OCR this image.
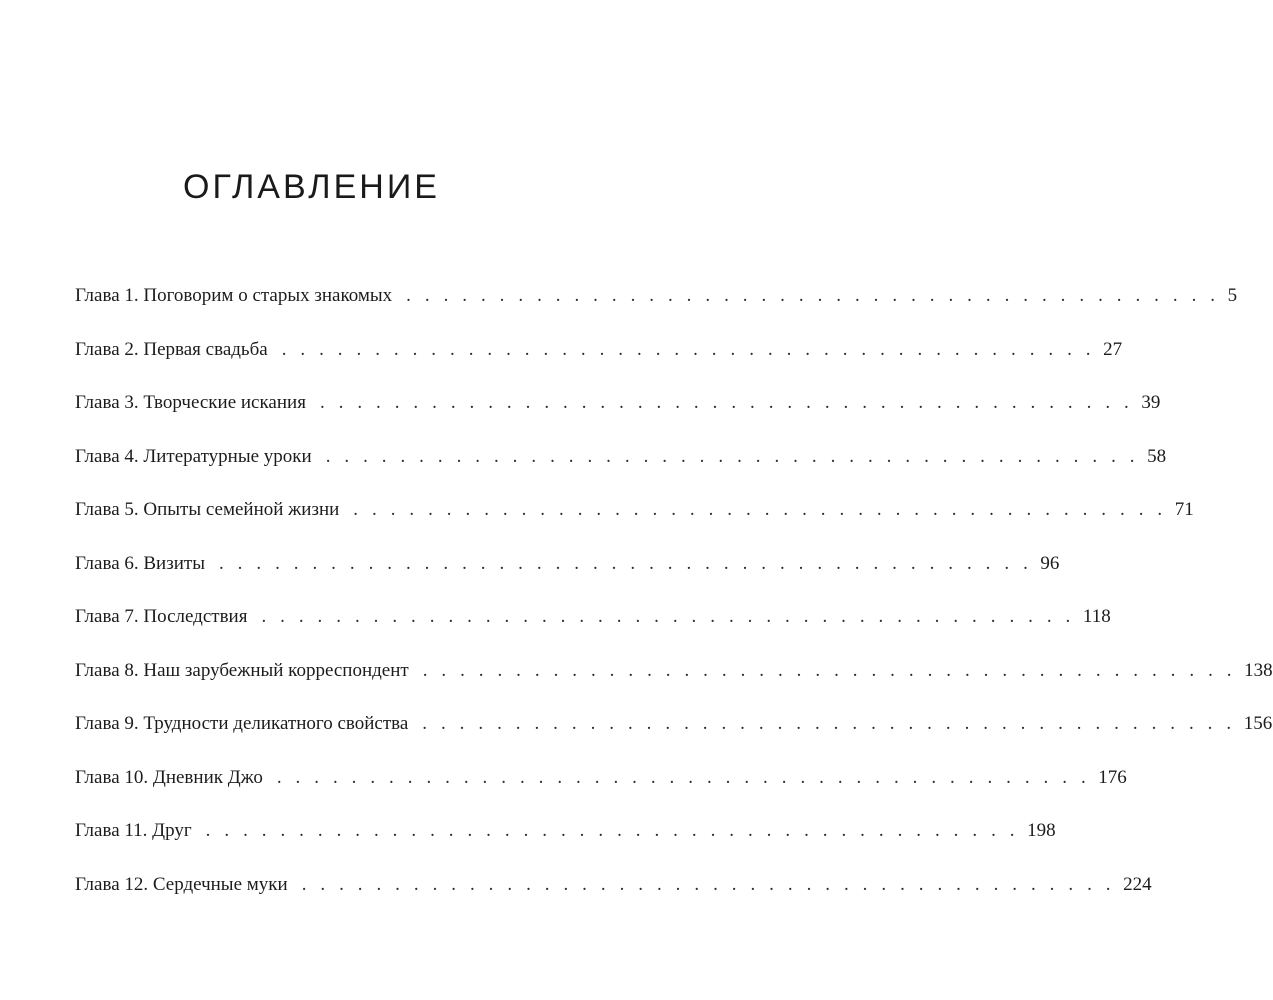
ОГЛАВЛЕНИЕ
Глава 1. Поговорим о старых знакомых . . . . . . . . . . . . . . . . . . . . . . . . . . . . . . . . . . . . . . . . . . . . 5
Глава 2. Первая свадьба . . . . . . . . . . . . . . . . . . . . . . . . . . . . . . . . . . . . . . . . . . . . 27
Глава 3. Творческие искания . . . . . . . . . . . . . . . . . . . . . . . . . . . . . . . . . . . . . . . . . . . . 39
Глава 4. Литературные уроки . . . . . . . . . . . . . . . . . . . . . . . . . . . . . . . . . . . . . . . . . . . . 58
Глава 5. Опыты семейной жизни . . . . . . . . . . . . . . . . . . . . . . . . . . . . . . . . . . . . . . . . . . . . 71
Глава 6. Визиты . . . . . . . . . . . . . . . . . . . . . . . . . . . . . . . . . . . . . . . . . . . . 96
Глава 7. Последствия . . . . . . . . . . . . . . . . . . . . . . . . . . . . . . . . . . . . . . . . . . . . 118
Глава 8. Наш зарубежный корреспондент . . . . . . . . . . . . . . . . . . . . . . . . . . . . . . . . . . . . . . . . . . . . 138
Глава 9. Трудности деликатного свойства . . . . . . . . . . . . . . . . . . . . . . . . . . . . . . . . . . . . . . . . . . . . 156
Глава 10. Дневник Джо . . . . . . . . . . . . . . . . . . . . . . . . . . . . . . . . . . . . . . . . . . . . 176
Глава 11. Друг . . . . . . . . . . . . . . . . . . . . . . . . . . . . . . . . . . . . . . . . . . . . 198
Глава 12. Сердечные муки . . . . . . . . . . . . . . . . . . . . . . . . . . . . . . . . . . . . . . . . . . . . 224
